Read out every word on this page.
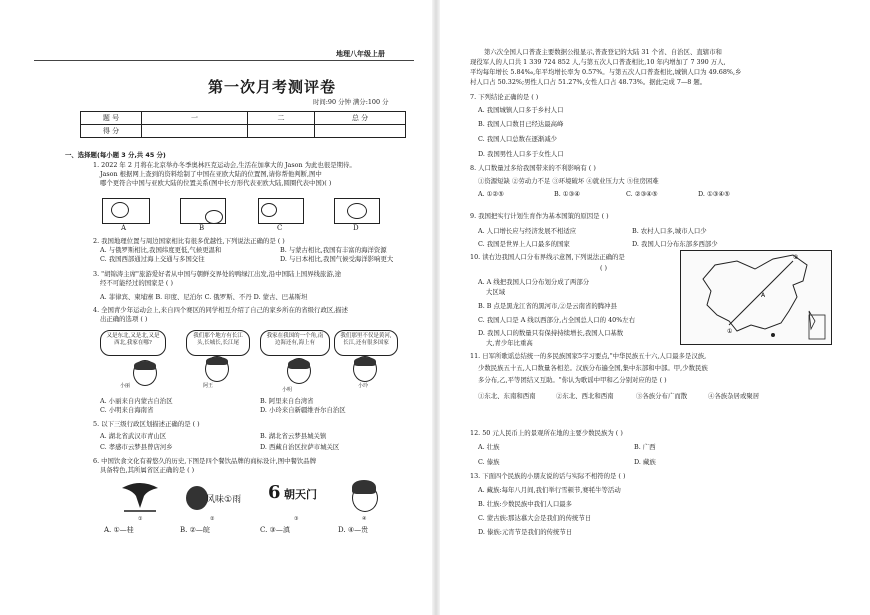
地理八年级上册
第一次月考测评卷
时间:90 分钟 满分:100 分
题 号	一	二	总 分
得 分			
一、选择题(每小题 3 分,共 45 分)
1. 2022 年 2 月将在北京举办冬季奥林匹克运动会,生活在加拿大的 Jason 为此也很是期待。
Jason 根据网上查到的资料绘制了中国在亚欧大陆的位置图,请你帮他判断,图中
哪个更符合中国与亚欧大陆的位置关系(图中长方形代表亚欧大陆,圆圈代表中国)( )
A	B	C	D
2. 我国地理位置与周边国家相比有很多优越性,下列说法正确的是 ( )
A. 与俄罗斯相比,我国纬度更低,气候更温和	B. 与蒙古相比,我国有丰富的海洋资源
C. 我国西部通过海上交通与多国交往	D. 与日本相比,我国气候受海洋影响更大
3. "胡锦涛主席"旅游爱好者从中国与朝鲜交界处的鸭绿江出发,沿中国陆上国界线旅游,途
经不可能经过的国家是 ( )
A. 菲律宾、柬埔寨 B. 印度、尼泊尔 C. 俄罗斯、不丹 D. 蒙古、巴基斯坦
4. 全国青少年运动会上,来自四个赛区的同学相互介绍了自己的家乡所在的省级行政区,描述
出正确的选项 ( )
又是东北,又是北,又是西北,我家在哪?
我们那个地方有长江头,长城长,长江尾
我家在我国的一个角,南边海还有,海上有
我们那里不仅是黄河,长江,还有很多国家
小丽	阿王
小明
小玲
A. 小丽来自内蒙古自治区	B. 阿里来自台湾省
C. 小明来自海南省	D. 小玲来自新疆维吾尔自治区
5. 以下三级行政区划描述正确的是 ( )
A. 湖北省武汉市青山区	B. 湖北省云梦县城关镇
C. 孝感市云梦县曾店河乡	D. 西藏自治区拉萨市城关区
6. 中国饮食文化有着悠久的历史,下图是四个餐饮品牌的商标设计,图中餐饮品牌
具备特色,其所属省区正确的是 ( )
风味①雨 6 朝天门
①	②	③	④
A. ①—桂	B. ②—皖	C. ③—滇	D. ④—贵
第六次全国人口普查主要数据公报显示,普查登记的大陆 31 个省、自治区、直辖市和
现役军人的人口共 1 339 724 852 人,与第五次人口普查相比,10 年内增加了 7 390 万人,
平均每年增长 5.84‰,年平均增长率为 0.57%。与第五次人口普查相比,城镇人口为 49.68%,乡
村人口占 50.32%;男性人口占 51.27%,女性人口占 48.73%。据此完成 7—8 题。
7. 下列结论正确的是 ( )
A. 我国城镇人口多于乡村人口
B. 我国人口数目已经达最高峰
C. 我国人口总数在逐渐减少
D. 我国男性人口多于女性人口
8. 人口数量过多给我国带来的不利影响有 ( )
①资源短缺 ②劳动力不足 ③环境破坏 ④就业压力大 ⑤住房困难
A. ①②⑤	B. ①③④	C. ②③④⑤	D. ①③④⑤
9. 我国把实行计划生育作为基本国策的原因是 ( )
A. 人口增长应与经济发展不相适应	B. 农村人口多,城市人口少
C. 我国是世界上人口最多的国家	D. 我国人口分布东部多西部少
10. 读右边我国人口分布界线示意图,下列说法正确的是
( )
A. A 线把我国人口分布划分成了两部分
大区域
B. B 点是黑龙江省的黑河市,②是云南省的腾冲县
C. 我国人口是 A 线以西部分,占全国总人口的 40%左右
D. 我国人口的数量只有保持持续增长,我国人口基数
大,青少年比重高
①
②
A
11. 日军所歌谣总结统一的多民族国家5字习要点,"中华民族五十六,人口最多是汉族,
少数民族五十五,人口数量各相差。汉族分布遍全国,集中东部和中部。甲,少数民族
多分布,乙,平等团结又互助。"你认为歌谣中甲和乙分别对应的是 ( )
①东北、东南和西南	②东北、西北和西南	③各族分布广而散	④各族杂居或聚居
12. 50 元人民币上的景观所在地的主要少数民族为 ( )
A. 壮族	B. 广西
C. 傣族	D. 藏族
13. 下面四个民族的小朋友说的话与实际不相符的是 ( )
A. 藏族:每年八月间,我们举行雪顿节,赛牦牛等活动
B. 壮族:少数民族中我们人口最多
C. 蒙古族:那达慕大会是我们的传统节日
D. 傣族:元宵节是我们的传统节日
